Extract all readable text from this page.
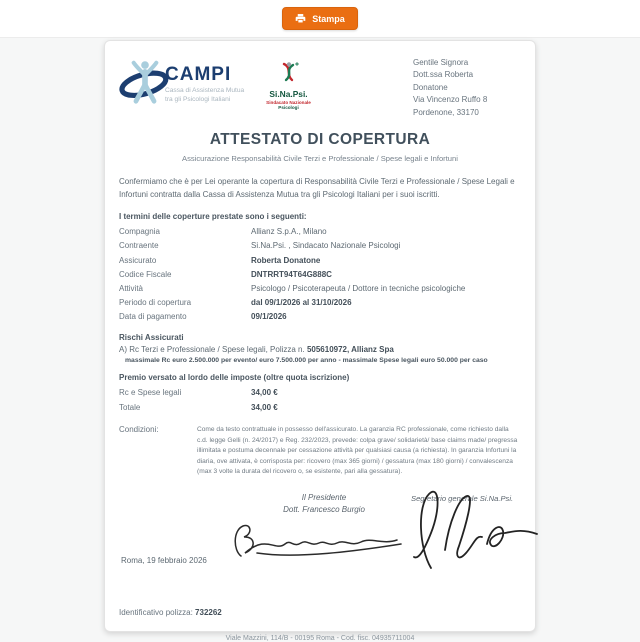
Stampa
CAMPI
Cassa di Assistenza Mutua
tra gli Psicologi Italiani
Si.Na.Psi.
Sindacato Nazionale
Psicologi
Gentile Signora
Dott.ssa Roberta
Donatone
Via Vincenzo Ruffo 8
Pordenone, 33170
ATTESTATO DI COPERTURA
Assicurazione Responsabilità Civile Terzi e Professionale / Spese legali e Infortuni
Confermiamo che è per Lei operante la copertura di Responsabilità Civile Terzi e Professionale / Spese Legali e Infortuni contratta dalla Cassa di Assistenza Mutua tra gli Psicologi Italiani per i suoi iscritti.
I termini delle coperture prestate sono i seguenti:
Compagnia	Allianz S.p.A., Milano
Contraente	Si.Na.Psi. , Sindacato Nazionale Psicologi
Assicurato	Roberta Donatone
Codice Fiscale	DNTRRT94T64G888C
Attività	Psicologo / Psicoterapeuta / Dottore in tecniche psicologiche
Periodo di copertura	dal 09/1/2026 al 31/10/2026
Data di pagamento	09/1/2026
Rischi Assicurati
A) Rc Terzi e Professionale / Spese legali, Polizza n. 505610972, Allianz Spa
massimale Rc euro 2.500.000 per evento/ euro 7.500.000 per anno - massimale Spese legali euro 50.000 per caso
Premio versato al lordo delle imposte (oltre quota iscrizione)
Rc e Spese legali	34,00 €
Totale	34,00 €
Condizioni:	Come da testo contrattuale in possesso dell'assicurato. La garanzia RC professionale, come richiesto dalla c.d. legge Gelli (n. 24/2017) e Reg. 232/2023, prevede: colpa grave/ solidarietà/ base claims made/ pregressa illimitata e postuma decennale per cessazione attività per qualsiasi causa (a richiesta). In garanzia Infortuni la diaria, ove attivata, è corrisposta per: ricovero (max 365 giorni) / gessatura (max 180 giorni) / convalescenza (max 3 volte la durata del ricovero o, se esistente, pari alla gessatura).
Il Presidente
Dott. Francesco Burgio
Segretario generale Si.Na.Psi.
Roma, 19 febbraio 2026
Identificativo polizza: 732262
Viale Mazzini, 114/B - 00195 Roma - Cod. fisc. 04935711004
